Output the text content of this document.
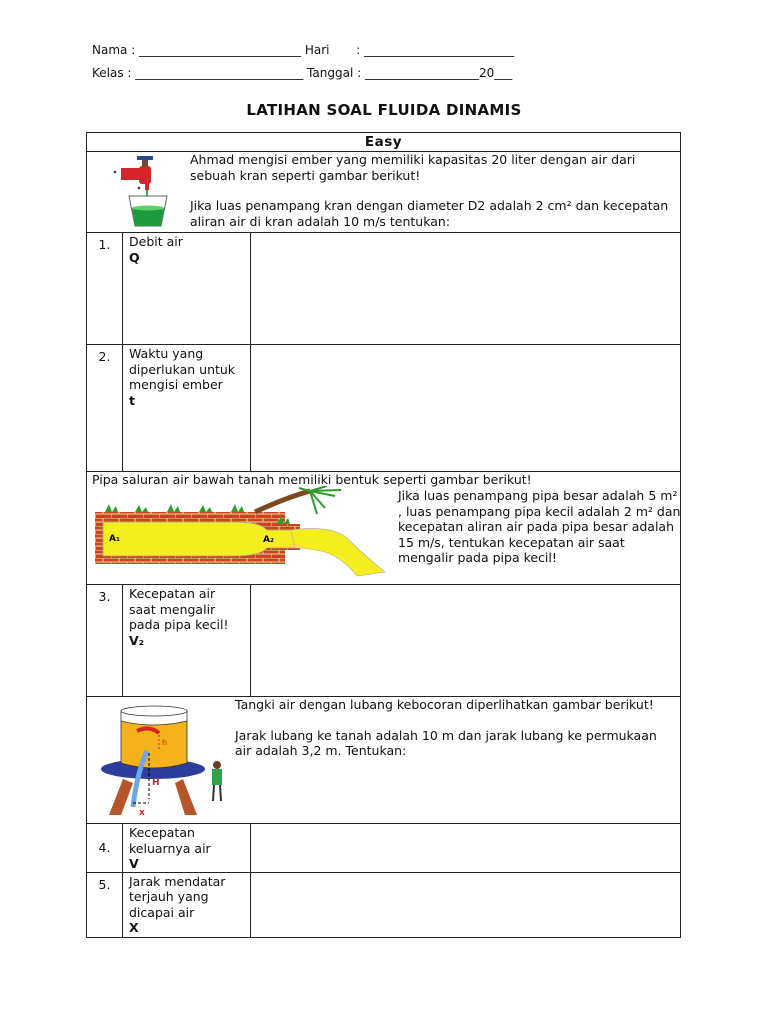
Nama : ___________________________ Hari       : _________________________
Kelas : ____________________________ Tanggal : ___________________20___
LATIHAN SOAL FLUIDA DINAMIS
Easy		

Ahmad mengisi ember yang memiliki kapasitas 20 liter dengan air dari sebuah kran seperti gambar berikut!
Jika luas penampang kran dengan diameter D2 adalah 2 cm² dan kecepatan aliran air di kran adalah 10 m/s tentukan:		

1.	Debit air
Q	

2.	Waktu yang diperlukan untuk mengisi ember
t	

Pipa saluran air bawah tanah memiliki bentuk seperti gambar berikut!
Jika luas penampang pipa besar adalah 5 m² , luas penampang pipa kecil adalah 2 m² dan kecepatan aliran air pada pipa besar adalah 15 m/s, tentukan kecepatan air saat mengalir pada pipa kecil!
A₁ A₂		

3.	Kecepatan air saat mengalir pada pipa kecil!
V₂	

h
H
x
Tangki air dengan lubang kebocoran diperlihatkan gambar berikut!
Jarak lubang ke tanah adalah 10 m dan jarak lubang ke permukaan air adalah 3,2 m. Tentukan:		

4.	Kecepatan keluarnya air
V	

5.	Jarak mendatar terjauh yang dicapai air
X	
